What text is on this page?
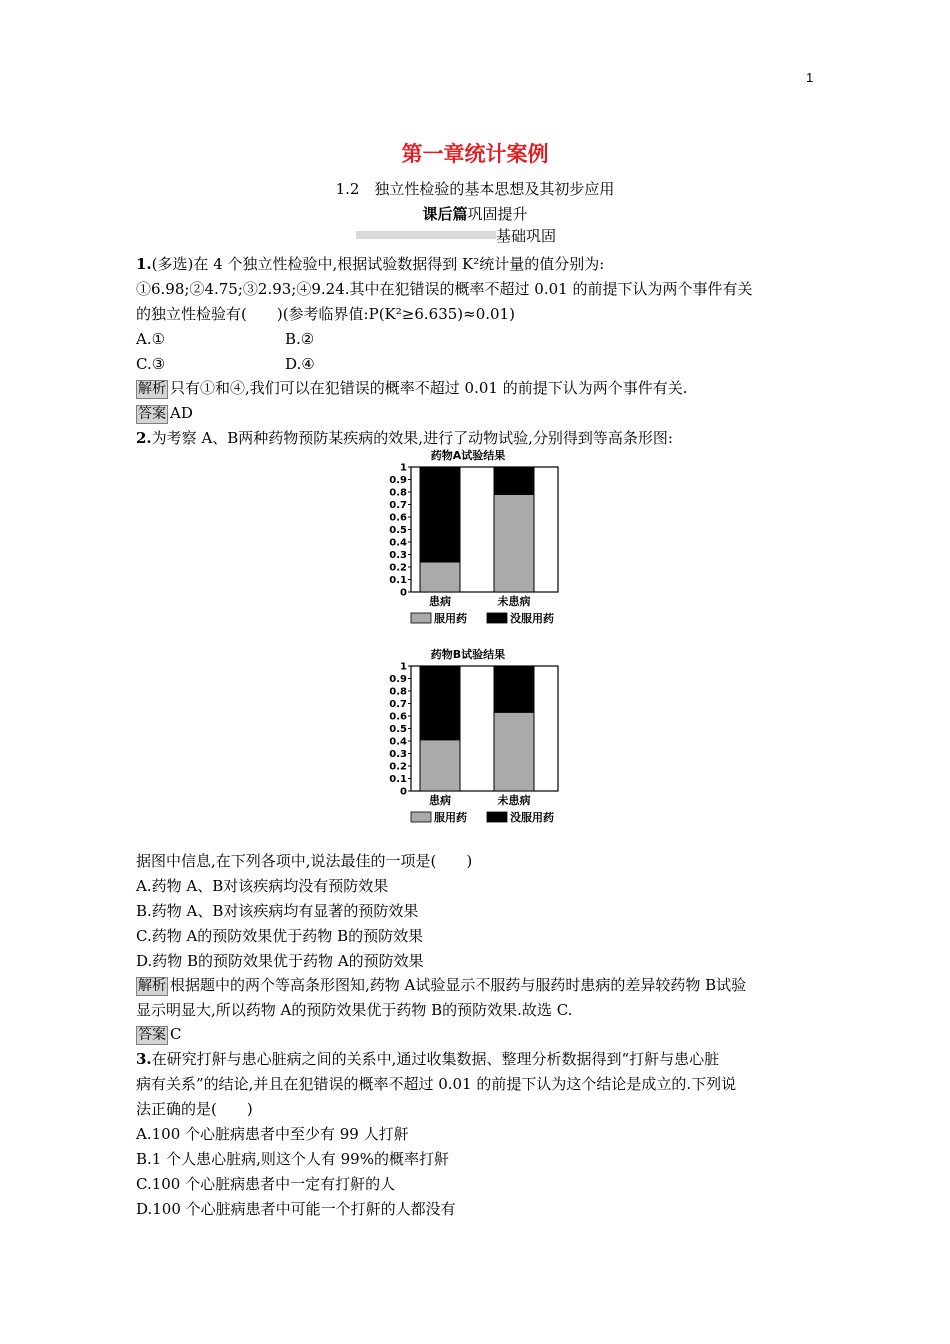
1
第一章统计案例
1.2　独立性检验的基本思想及其初步应用
课后篇巩固提升
基础巩固
1.(多选)在 4 个独立性检验中,根据试验数据得到 K²统计量的值分别为:
①6.98;②4.75;③2.93;④9.24.其中在犯错误的概率不超过 0.01 的前提下认为两个事件有关
的独立性检验有(　　)(参考临界值:P(K²≥6.635)≈0.01)
A.①	B.②
C.③	D.④
解析 只有①和④,我们可以在犯错误的概率不超过 0.01 的前提下认为两个事件有关.
答案 AD
2.为考察 A、B两种药物预防某疾病的效果,进行了动物试验,分别得到等高条形图:
药物A试验结果
0
0.1
0.2
0.3
0.4
0.5
0.6
0.7
0.8
0.9
1
患病	未患病
服用药	没服用药
药物B试验结果
0
0.1
0.2
0.3
0.4
0.5
0.6
0.7
0.8
0.9
1
患病	未患病
服用药	没服用药
据图中信息,在下列各项中,说法最佳的一项是(　　)
A.药物 A、B对该疾病均没有预防效果
B.药物 A、B对该疾病均有显著的预防效果
C.药物 A的预防效果优于药物 B的预防效果
D.药物 B的预防效果优于药物 A的预防效果
解析 根据题中的两个等高条形图知,药物 A试验显示不服药与服药时患病的差异较药物 B试验
显示明显大,所以药物 A的预防效果优于药物 B的预防效果.故选 C.
答案 C
3.在研究打鼾与患心脏病之间的关系中,通过收集数据、整理分析数据得到“打鼾与患心脏
病有关系”的结论,并且在犯错误的概率不超过 0.01 的前提下认为这个结论是成立的.下列说
法正确的是(　　)
A.100 个心脏病患者中至少有 99 人打鼾
B.1 个人患心脏病,则这个人有 99%的概率打鼾
C.100 个心脏病患者中一定有打鼾的人
D.100 个心脏病患者中可能一个打鼾的人都没有
